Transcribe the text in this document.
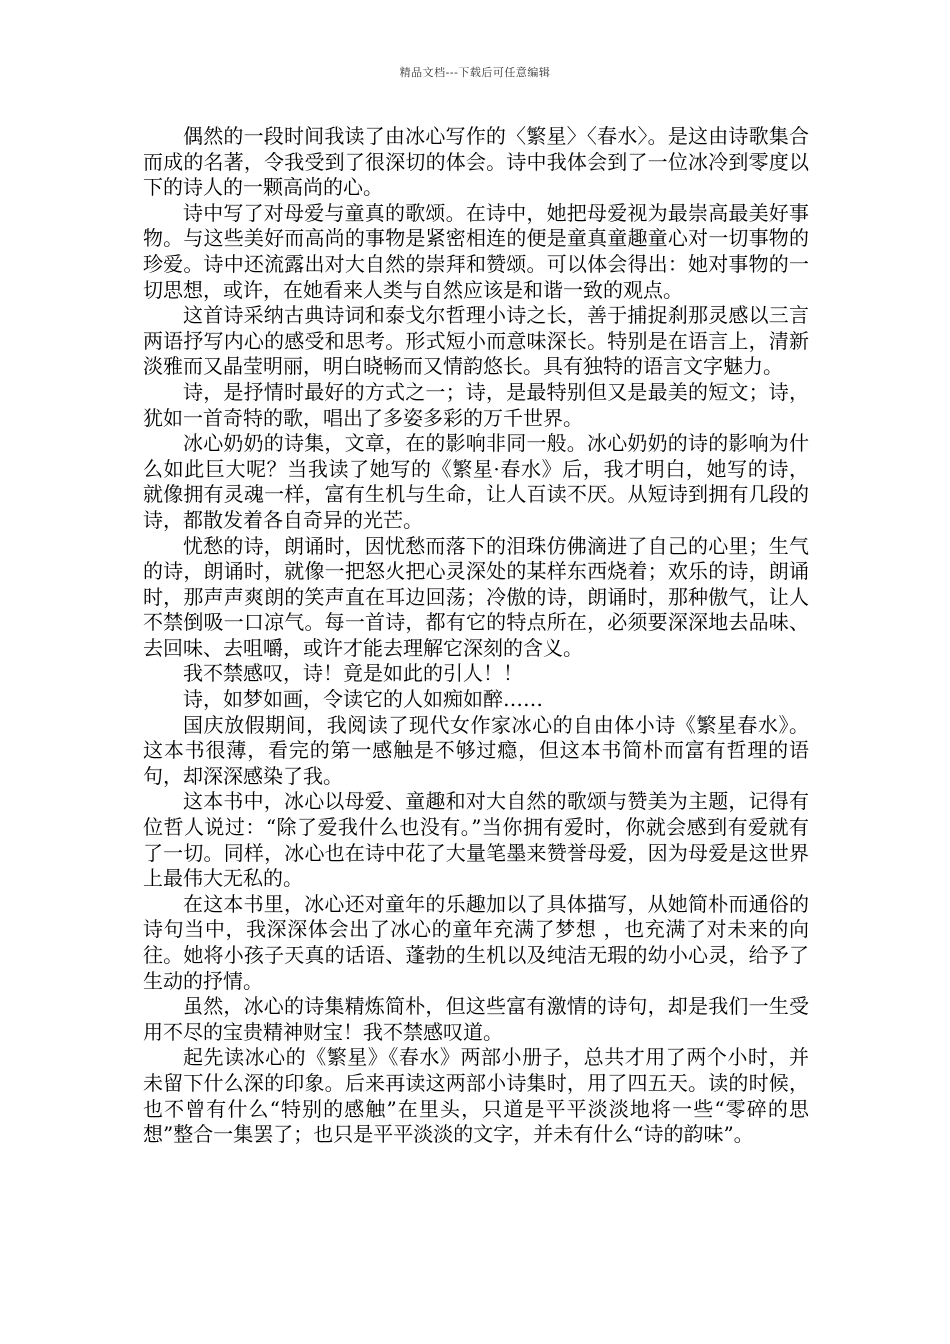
精品文档---下载后可任意编辑

偶然的一段时间我读了由冰心写作的〈繁星〉〈春水〉。是这由诗歌集合而成的名著，令我受到了很深切的体会。诗中我体会到了一位冰冷到零度以下的诗人的一颗高尚的心。

诗中写了对母爱与童真的歌颂。在诗中，她把母爱视为最崇高最美好事物。与这些美好而高尚的事物是紧密相连的便是童真童趣童心对一切事物的珍爱。诗中还流露出对大自然的崇拜和赞颂。可以体会得出：她对事物的一切思想，或许，在她看来人类与自然应该是和谐一致的观点。

这首诗采纳古典诗词和泰戈尔哲理小诗之长，善于捕捉刹那灵感以三言两语抒写内心的感受和思考。形式短小而意味深长。特别是在语言上，清新淡雅而又晶莹明丽，明白晓畅而又情韵悠长。具有独特的语言文字魅力。

诗，是抒情时最好的方式之一；诗，是最特别但又是最美的短文；诗，犹如一首奇特的歌，唱出了多姿多彩的万千世界。

冰心奶奶的诗集，文章，在的影响非同一般。冰心奶奶的诗的影响为什么如此巨大呢？当我读了她写的《繁星·春水》后，我才明白，她写的诗，就像拥有灵魂一样，富有生机与生命，让人百读不厌。从短诗到拥有几段的诗，都散发着各自奇异的光芒。

忧愁的诗，朗诵时，因忧愁而落下的泪珠仿佛滴进了自己的心里；生气的诗，朗诵时，就像一把怒火把心灵深处的某样东西烧着；欢乐的诗，朗诵时，那声声爽朗的笑声直在耳边回荡；冷傲的诗，朗诵时，那种傲气，让人不禁倒吸一口凉气。每一首诗，都有它的特点所在，必须要深深地去品味、去回味、去咀嚼，或许才能去理解它深刻的含义。

我不禁感叹，诗！竟是如此的引人！！

诗，如梦如画，令读它的人如痴如醉……

国庆放假期间，我阅读了现代女作家冰心的自由体小诗《繁星春水》。这本书很薄，看完的第一感触是不够过瘾，但这本书简朴而富有哲理的语句，却深深感染了我。

这本书中，冰心以母爱、童趣和对大自然的歌颂与赞美为主题，记得有位哲人说过：“除了爱我什么也没有。”当你拥有爱时，你就会感到有爱就有了一切。同样，冰心也在诗中花了大量笔墨来赞誉母爱，因为母爱是这世界上最伟大无私的。

在这本书里，冰心还对童年的乐趣加以了具体描写，从她简朴而通俗的诗句当中，我深深体会出了冰心的童年充满了梦想 ，也充满了对未来的向往。她将小孩子天真的话语、蓬勃的生机以及纯洁无瑕的幼小心灵，给予了生动的抒情。

虽然，冰心的诗集精炼简朴，但这些富有激情的诗句，却是我们一生受用不尽的宝贵精神财宝！我不禁感叹道。

起先读冰心的《繁星》《春水》两部小册子，总共才用了两个小时，并未留下什么深的印象。后来再读这两部小诗集时，用了四五天。读的时候，也不曾有什么“特别的感触”在里头，只道是平平淡淡地将一些“零碎的思想”整合一集罢了；也只是平平淡淡的文字，并未有什么“诗的韵味”。
